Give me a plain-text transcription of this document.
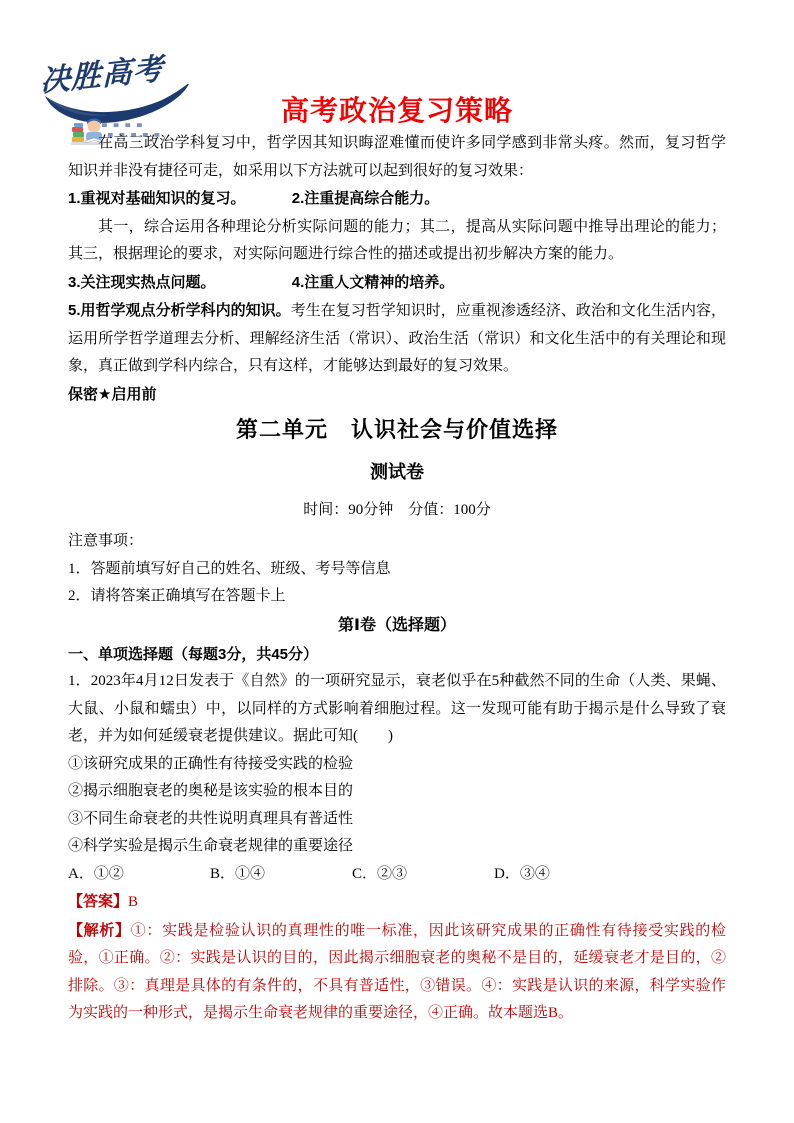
决胜高考
高考政治复习策略

在高三政治学科复习中，哲学因其知识晦涩难懂而使许多同学感到非常头疼。然而，复习哲学知识并非没有捷径可走，如采用以下方法就可以起到很好的复习效果：

1.重视对基础知识的复习。	2.注重提高综合能力。

其一，综合运用各种理论分析实际问题的能力；其二，提高从实际问题中推导出理论的能力；其三，根据理论的要求，对实际问题进行综合性的描述或提出初步解决方案的能力。

3.关注现实热点问题。	4.注重人文精神的培养。

5.用哲学观点分析学科内的知识。考生在复习哲学知识时，应重视渗透经济、政治和文化生活内容，运用所学哲学道理去分析、理解经济生活（常识）、政治生活（常识）和文化生活中的有关理论和现象，真正做到学科内综合，只有这样，才能够达到最好的复习效果。

保密★启用前

第二单元　认识社会与价值选择
测试卷

时间：90分钟　分值：100分

注意事项：

1．答题前填写好自己的姓名、班级、考号等信息

2．请将答案正确填写在答题卡上

第Ⅰ卷（选择题）

一、单项选择题（每题3分，共45分）

1．2023年4月12日发表于《自然》的一项研究显示，衰老似乎在5种截然不同的生命（人类、果蝇、大鼠、小鼠和蠕虫）中，以同样的方式影响着细胞过程。这一发现可能有助于揭示是什么导致了衰老，并为如何延缓衰老提供建议。据此可知(　　)

①该研究成果的正确性有待接受实践的检验

②揭示细胞衰老的奥秘是该实验的根本目的

③不同生命衰老的共性说明真理具有普适性

④科学实验是揭示生命衰老规律的重要途径

A．①②	B．①④	C．②③	D．③④

【答案】B

【解析】①：实践是检验认识的真理性的唯一标准，因此该研究成果的正确性有待接受实践的检验，①正确。②：实践是认识的目的，因此揭示细胞衰老的奥秘不是目的，延缓衰老才是目的，②排除。③：真理是具体的有条件的，不具有普适性，③错误。④：实践是认识的来源，科学实验作为实践的一种形式，是揭示生命衰老规律的重要途径，④正确。故本题选B。
